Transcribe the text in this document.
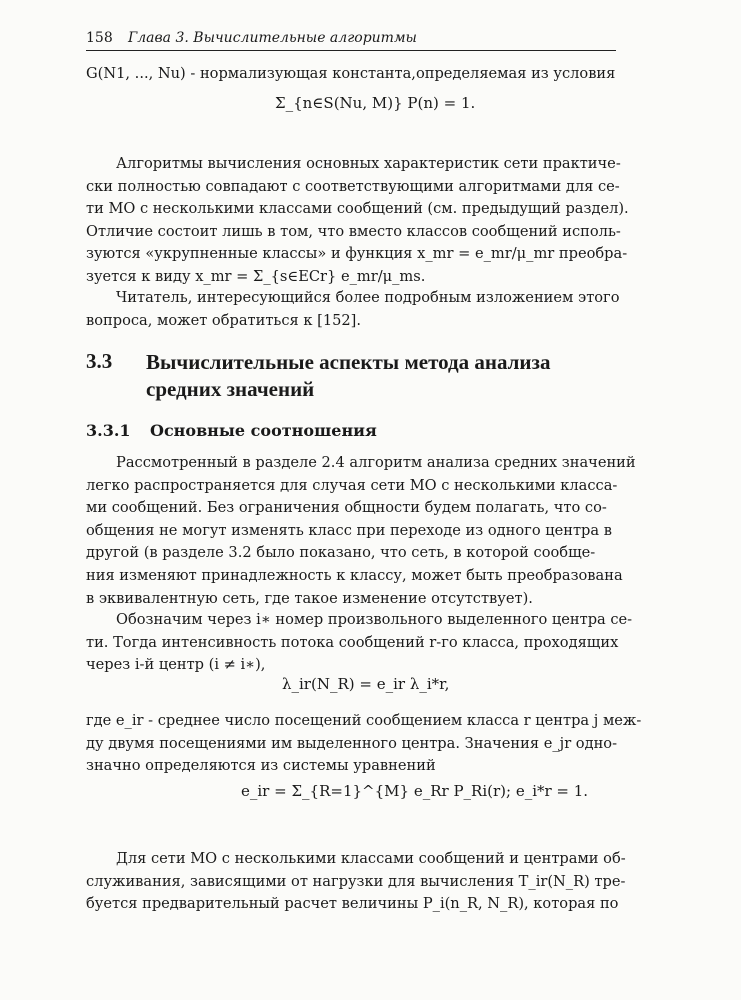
158 Глава 3. Вычислительные алгоритмы
G(N1, ..., Nu) - нормализующая константа,определяемая из условия
Σ_{n∈S(Nu, M)} P(n) = 1.
Алгоритмы вычисления основных характеристик сети практиче-
ски полностью совпадают с соответствующими алгоритмами для се-
ти МО с несколькими классами сообщений (см. предыдущий раздел).
Отличие состоит лишь в том, что вместо классов сообщений исполь-
зуются «укрупненные классы» и функция x_mr = e_mr/μ_mr преобра-
зуется к виду x_mr = Σ_{s∈ECr} e_mr/μ_ms.
Читатель, интересующийся более подробным изложением этого
вопроса, может обратиться к [152].
3.3 Вычислительные аспекты метода анализа средних значений
3.3.1 Основные соотношения
Рассмотренный в разделе 2.4 алгоритм анализа средних значений
легко распространяется для случая сети МО с несколькими класса-
ми сообщений. Без ограничения общности будем полагать, что со-
общения не могут изменять класс при переходе из одного центра в
другой (в разделе 3.2 было показано, что сеть, в которой сообще-
ния изменяют принадлежность к классу, может быть преобразована
в эквивалентную сеть, где такое изменение отсутствует).
Обозначим через i∗ номер произвольного выделенного центра се-
ти. Тогда интенсивность потока сообщений r-го класса, проходящих
через i-й центр (i ≠ i∗),
λ_ir(N_R) = e_ir λ_i*r,
где e_ir - среднее число посещений сообщением класса r центра j меж-
ду двумя посещениями им выделенного центра. Значения e_jr одно-
значно определяются из системы уравнений
e_ir = Σ_{R=1}^{M} e_Rr P_Ri(r); e_i*r = 1.
Для сети МО с несколькими классами сообщений и центрами об-
служивания, зависящими от нагрузки для вычисления T_ir(N_R) тре-
буется предварительный расчет величины P_i(n_R, N_R), которая по
